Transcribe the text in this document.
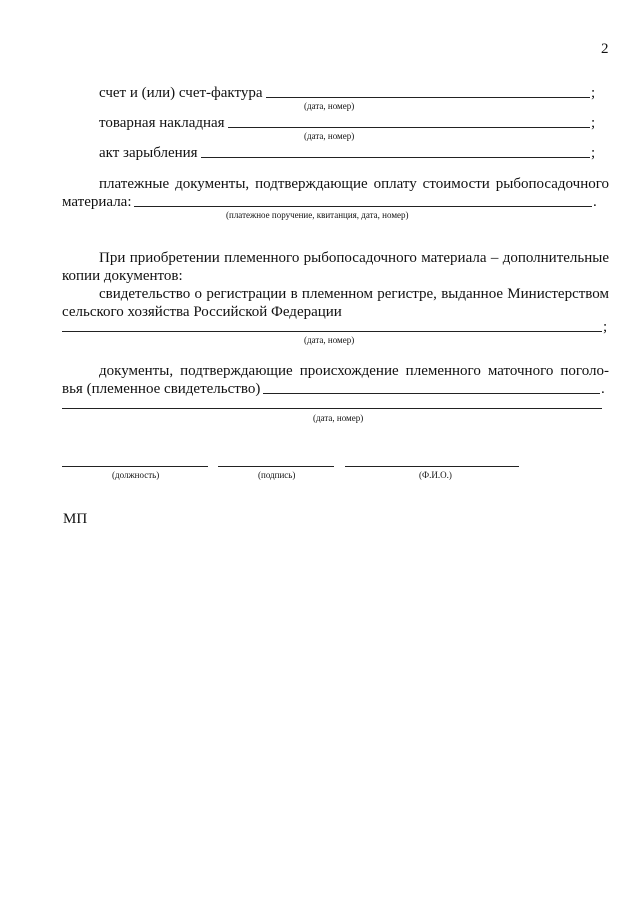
2
счет и (или) счет-фактура	;
(дата, номер)
товарная накладная	;
(дата, номер)
акт зарыбления	;
платежные документы, подтверждающие оплату стоимости рыбопосадочного
материала:	.
(платежное поручение, квитанция, дата, номер)
При приобретении племенного рыбопосадочного материала – дополнительные
копии документов:
свидетельство о регистрации в племенном регистре, выданное Министерством
сельского хозяйства Российской Федерации
;
(дата, номер)
документы, подтверждающие происхождение племенного маточного поголо-
вья (племенное свидетельство)	.
(дата, номер)
(должность)	(подпись)	(Ф.И.О.)
МП
